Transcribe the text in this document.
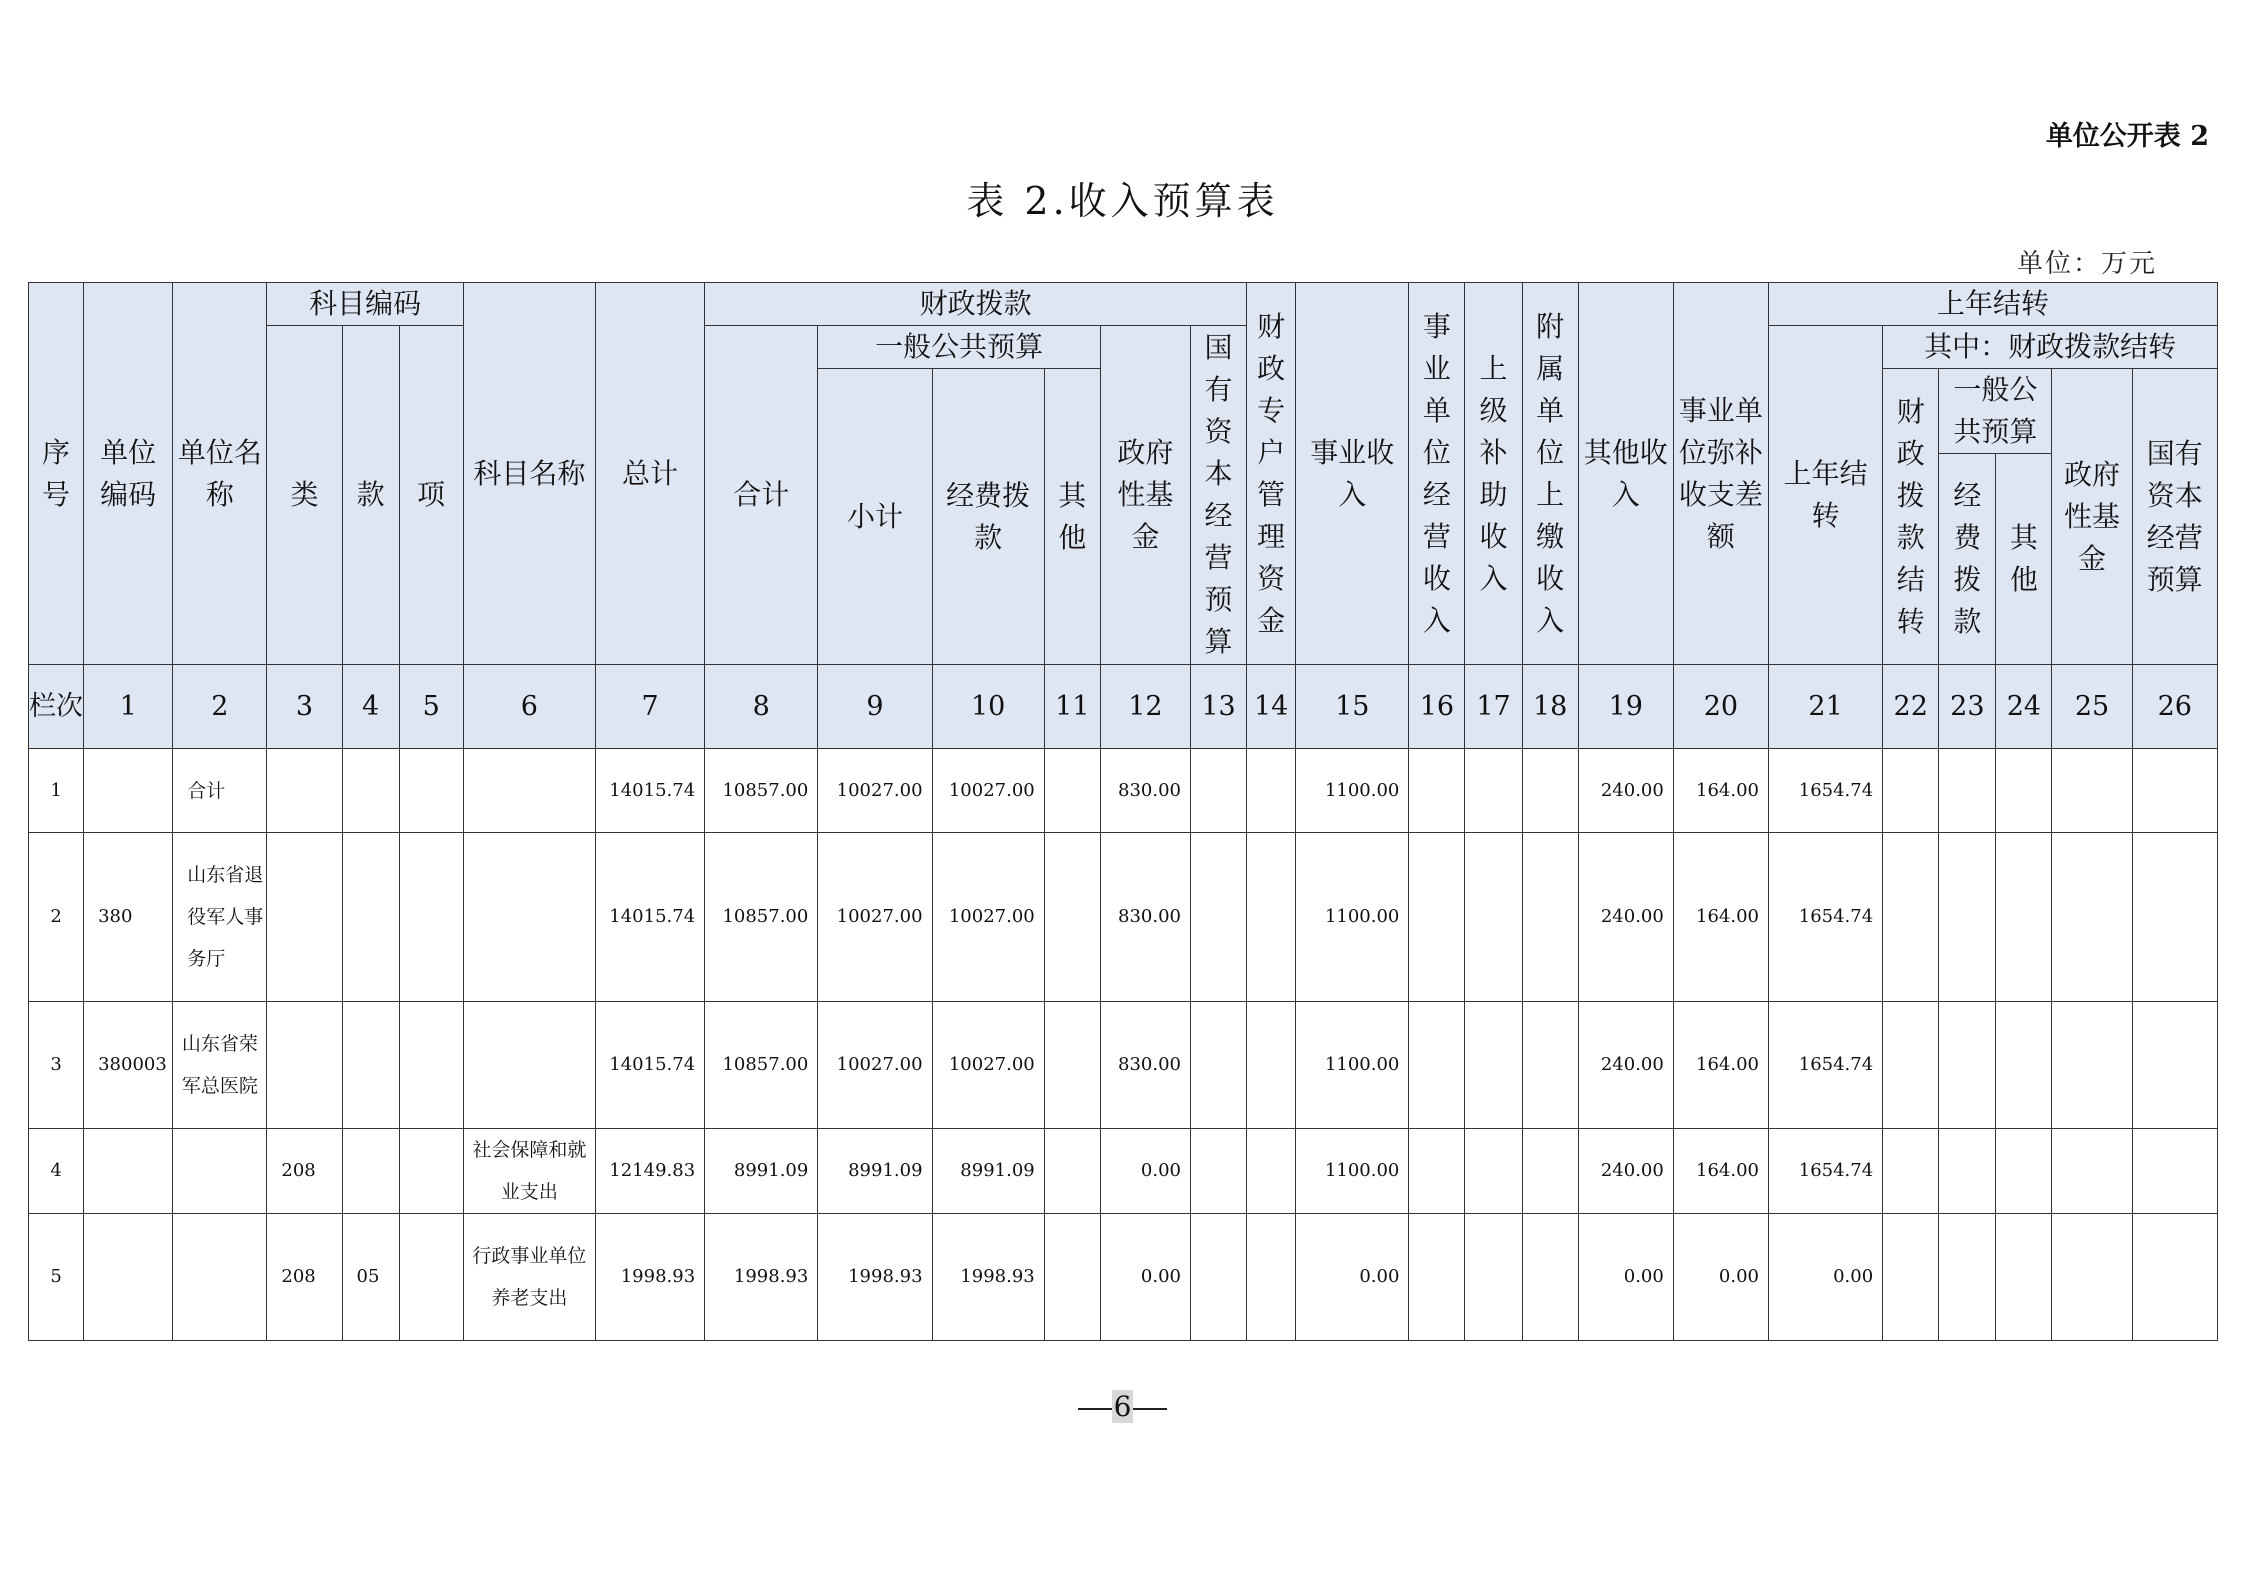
单位公开表 2
表 2.收入预算表
单位：万元
序号	单位编码	单位名称	科目编码			科目名称	总计	财政拨款						财政专户管理资金	事业收入	事业单位经营收入	上级补助收入	附属单位上缴收入	其他收入	事业单位弥补收支差额	上年结转					
			类	款	项			合计	一般公共预算			政府性基金	国有资本经营预算								上年结转	其中：财政拨款结转				
									小计	经费拨款	其他											财政拨款结转	一般公共预算		政府性基金	国有资本经营预算
																							经费拨款	其他		
栏次	1	2	3	4	5	6	7	8	9	10	11	12	13	14	15	16	17	18	19	20	21	22	23	24	25	26
1		合计					14015.74	10857.00	10027.00	10027.00		830.00			1100.00				240.00	164.00	1654.74					
2	380	山东省退役军人事务厅					14015.74	10857.00	10027.00	10027.00		830.00			1100.00				240.00	164.00	1654.74					
3	380003	山东省荣军总医院					14015.74	10857.00	10027.00	10027.00		830.00			1100.00				240.00	164.00	1654.74					
4			208			社会保障和就业支出	12149.83	8991.09	8991.09	8991.09		0.00			1100.00				240.00	164.00	1654.74					
5			208	05		行政事业单位养老支出	1998.93	1998.93	1998.93	1998.93		0.00			0.00				0.00	0.00	0.00					
6
